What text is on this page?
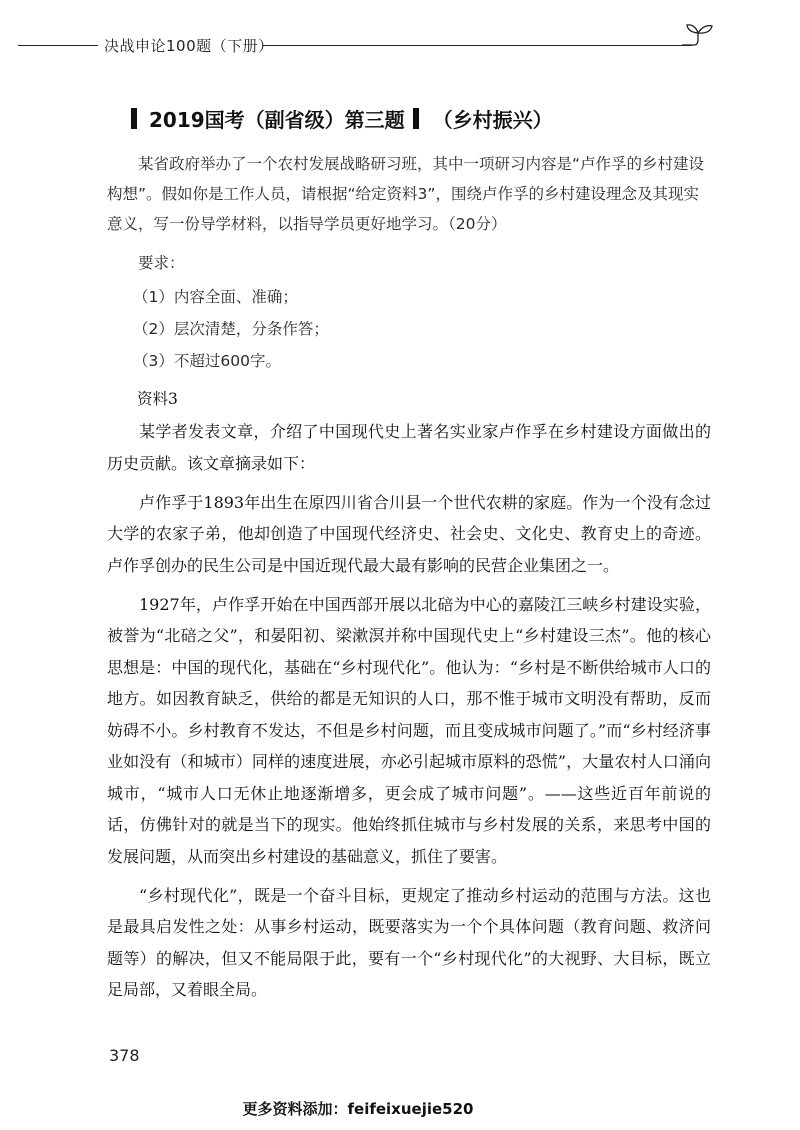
决战申论100题（下册）
2019国考（副省级）第三题 （乡村振兴）

某省政府举办了一个农村发展战略研习班，其中一项研习内容是“卢作孚的乡村建设构想”。假如你是工作人员，请根据“给定资料3”，围绕卢作孚的乡村建设理念及其现实意义，写一份导学材料，以指导学员更好地学习。（20分）

要求：
（1）内容全面、准确；
（2）层次清楚，分条作答；
（3）不超过600字。
资料3

某学者发表文章，介绍了中国现代史上著名实业家卢作孚在乡村建设方面做出的历史贡献。该文章摘录如下：

卢作孚于1893年出生在原四川省合川县一个世代农耕的家庭。作为一个没有念过大学的农家子弟，他却创造了中国现代经济史、社会史、文化史、教育史上的奇迹。卢作孚创办的民生公司是中国近现代最大最有影响的民营企业集团之一。

1927年，卢作孚开始在中国西部开展以北碚为中心的嘉陵江三峡乡村建设实验，被誉为“北碚之父”，和晏阳初、梁漱溟并称中国现代史上“乡村建设三杰”。他的核心思想是：中国的现代化，基础在“乡村现代化”。他认为：“乡村是不断供给城市人口的地方。如因教育缺乏，供给的都是无知识的人口，那不惟于城市文明没有帮助，反而妨碍不小。乡村教育不发达，不但是乡村问题，而且变成城市问题了。”而“乡村经济事业如没有（和城市）同样的速度进展，亦必引起城市原料的恐慌”，大量农村人口涌向城市，“城市人口无休止地逐渐增多，更会成了城市问题”。——这些近百年前说的话，仿佛针对的就是当下的现实。他始终抓住城市与乡村发展的关系，来思考中国的发展问题，从而突出乡村建设的基础意义，抓住了要害。

“乡村现代化”，既是一个奋斗目标，更规定了推动乡村运动的范围与方法。这也是最具启发性之处：从事乡村运动，既要落实为一个个具体问题（教育问题、救济问题等）的解决，但又不能局限于此，要有一个“乡村现代化”的大视野、大目标，既立足局部，又着眼全局。

378
更多资料添加：feifeixuejie520
